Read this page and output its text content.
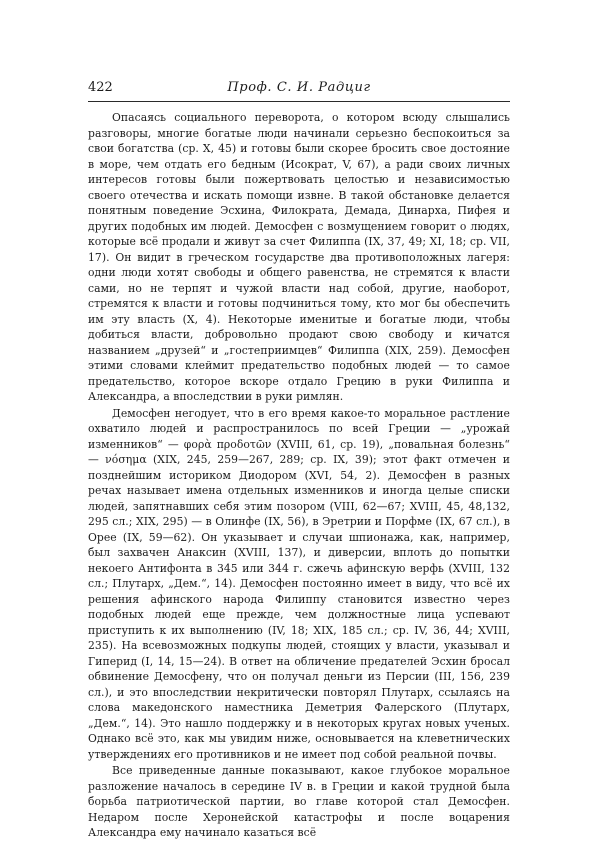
422	Проф. С. И. Радциг

Опасаясь социального переворота, о котором всюду слышались разговоры, многие богатые люди начинали серьезно беспокоиться за свои богатства (ср. X, 45) и готовы были скорее бросить свое достояние в море, чем отдать его бедным (Исократ, V, 67), а ради своих личных интересов готовы были пожертвовать целостью и независимостью своего отечества и искать помощи извне. В такой обстановке делается понятным поведение Эсхина, Филократа, Демада, Динарха, Пифея и других подобных им людей. Демосфен с возмущением говорит о людях, которые всё продали и живут за счет Филиппа (IX, 37, 49; XI, 18; ср. VII, 17). Он видит в греческом государстве два противоположных лагеря: одни люди хотят свободы и общего равенства, не стремятся к власти сами, но не терпят и чужой власти над собой, другие, наоборот, стремятся к власти и готовы подчиниться тому, кто мог бы обеспечить им эту власть (X, 4). Некоторые именитые и богатые люди, чтобы добиться власти, добровольно продают свою свободу и кичатся названием „друзей“ и „гостеприимцев“ Филиппа (XIX, 259). Демосфен этими словами клеймит предательство подобных людей — то самое предательство, которое вскоре отдало Грецию в руки Филиппа и Александра, а впоследствии в руки римлян.

Демосфен негодует, что в его время какое-то моральное растление охватило людей и распространилось по всей Греции — „урожай изменников“ — φορὰ προδοτῶν (XVIII, 61, ср. 19), „повальная болезнь“ — νόσημα (XIX, 245, 259—267, 289; ср. IX, 39); этот факт отмечен и позднейшим историком Диодором (XVI, 54, 2). Демосфен в разных речах называет имена отдельных изменников и иногда целые списки людей, запятнавших себя этим позором (VIII, 62—67; XVIII, 45, 48,132, 295 сл.; XIX, 295) — в Олинфе (IX, 56), в Эретрии и Порфме (IX, 67 сл.), в Орее (IX, 59—62). Он указывает и случаи шпионажа, как, например, был захвачен Анаксин (XVIII, 137), и диверсии, вплоть до попытки некоего Антифонта в 345 или 344 г. сжечь афинскую верфь (XVIII, 132 сл.; Плутарх, „Дем.“, 14). Демосфен постоянно имеет в виду, что всё их решения афинского народа Филиппу становится известно через подобных людей еще прежде, чем должностные лица успевают приступить к их выполнению (IV, 18; XIX, 185 сл.; ср. IV, 36, 44; XVIII, 235). На всевозможных подкупы людей, стоящих у власти, указывал и Гиперид (I, 14, 15—24). В ответ на обличение предателей Эсхин бросал обвинение Демосфену, что он получал деньги из Персии (III, 156, 239 сл.), и это впоследствии некритически повторял Плутарх, ссылаясь на слова македонского наместника Деметрия Фалерского (Плутарх, „Дем.“, 14). Это нашло поддержку и в некоторых кругах новых ученых. Однако всё это, как мы увидим ниже, основывается на клеветнических утверждениях его противников и не имеет под собой реальной почвы.

Все приведенные данные показывают, какое глубокое моральное разложение началось в середине IV в. в Греции и какой трудной была борьба патриотической партии, во главе которой стал Демосфен. Недаром после Херонейской катастрофы и после воцарения Александра ему начинало казаться всё
